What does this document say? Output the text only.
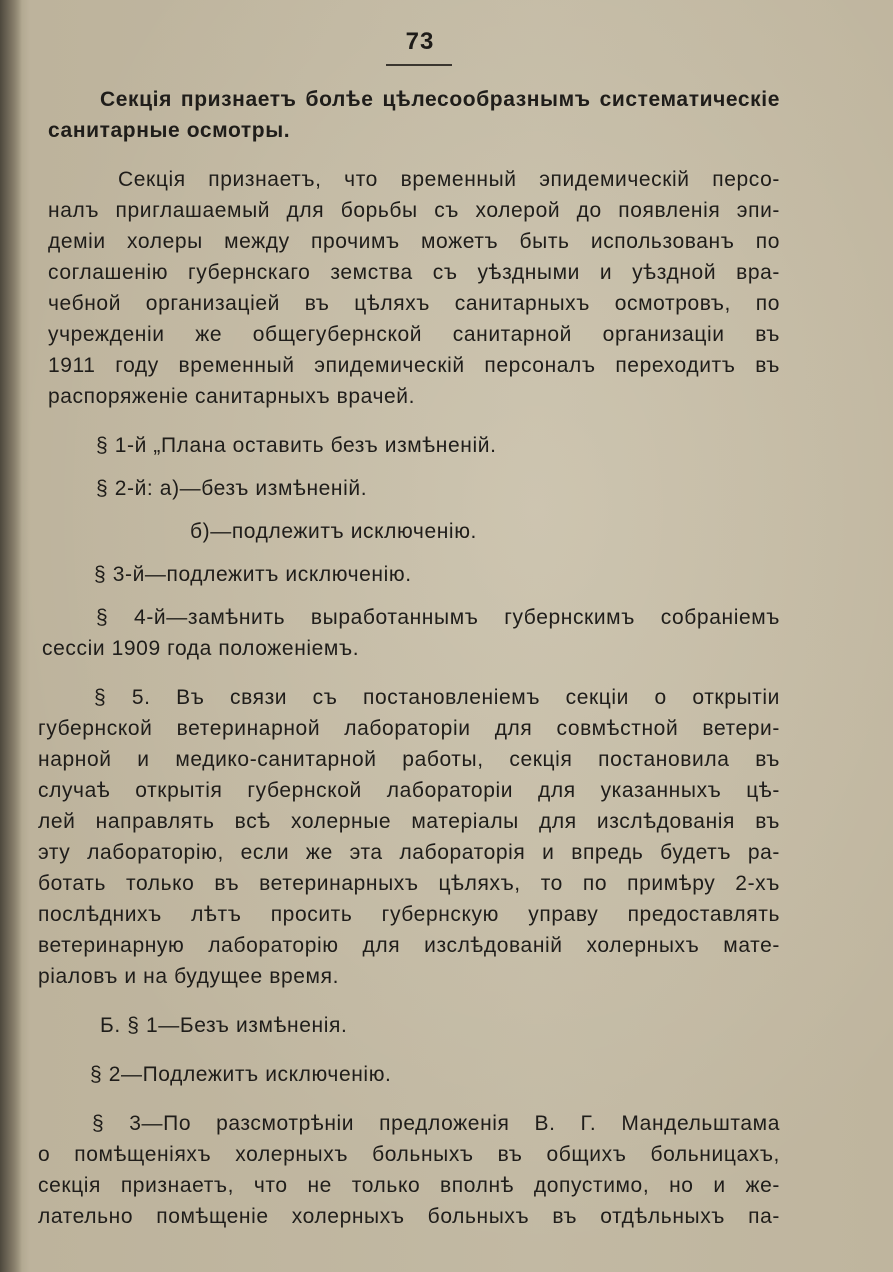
73
Секція признаетъ болѣе цѣлесообразнымъ систематическіе
санитарные осмотры.
Секція признаетъ, что временный эпидемическій персо-
налъ приглашаемый для борьбы съ холерой до появленія эпи-
деміи холеры между прочимъ можетъ быть использованъ по
соглашенію губернскаго земства съ уѣздными и уѣздной вра-
чебной организаціей въ цѣляхъ санитарныхъ осмотровъ, по
учрежденіи же общегубернской санитарной организаціи въ
1911 году временный эпидемическій персоналъ переходитъ въ
распоряженіе санитарныхъ врачей.
§ 1-й „Плана оставить безъ измѣненій.
§ 2-й: а)—безъ измѣненій.
б)—подлежитъ исключенію.
§ 3-й—подлежитъ исключенію.
§ 4-й—замѣнить выработаннымъ губернскимъ собраніемъ
сессіи 1909 года положеніемъ.
§ 5. Въ связи съ постановленіемъ секціи о открытіи
губернской ветеринарной лабораторіи для совмѣстной ветери-
нарной и медико-санитарной работы, секція постановила въ
случаѣ открытія губернской лабораторіи для указанныхъ цѣ-
лей направлять всѣ холерные матеріалы для изслѣдованія въ
эту лабораторію, если же эта лабораторія и впредь будетъ ра-
ботать только въ ветеринарныхъ цѣляхъ, то по примѣру 2-хъ
послѣднихъ лѣтъ просить губернскую управу предоставлять
ветеринарную лабораторію для изслѣдованій холерныхъ мате-
ріаловъ и на будущее время.
Б. § 1—Безъ измѣненія.
§ 2—Подлежитъ исключенію.
§ 3—По разсмотрѣніи предложенія В. Г. Мандельштама
о помѣщеніяхъ холерныхъ больныхъ въ общихъ больницахъ,
секція признаетъ, что не только вполнѣ допустимо, но и же-
лательно помѣщеніе холерныхъ больныхъ въ отдѣльныхъ па-
